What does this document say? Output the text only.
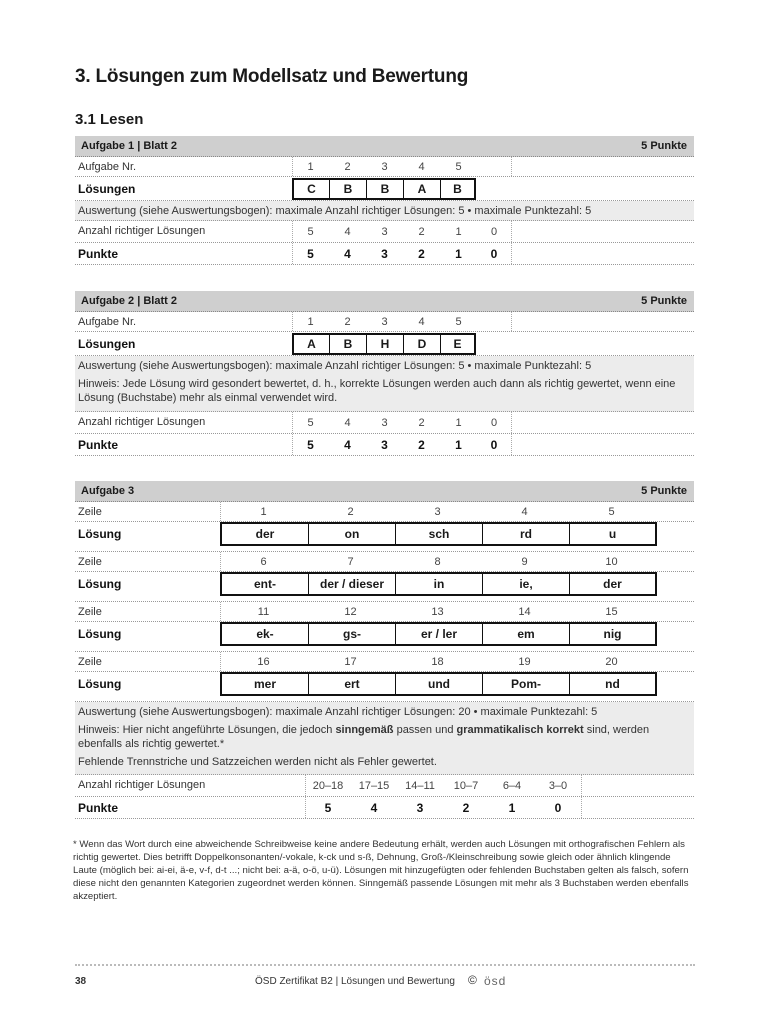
3. Lösungen zum Modellsatz und Bewertung
3.1 Lesen
Aufgabe 1 | Blatt 2	5 Punkte
Aufgabe Nr.	1	2	3	4	5
Lösungen	C	B	B	A	B
Auswertung (siehe Auswertungsbogen): maximale Anzahl richtiger Lösungen: 5 • maximale Punktezahl: 5
Anzahl richtiger Lösungen	5	4	3	2	1	0
Punkte	5	4	3	2	1	0
Aufgabe 2 | Blatt 2	5 Punkte
Aufgabe Nr.	1	2	3	4	5
Lösungen	A	B	H	D	E
Auswertung (siehe Auswertungsbogen): maximale Anzahl richtiger Lösungen: 5 • maximale Punktezahl: 5
Hinweis: Jede Lösung wird gesondert bewertet, d. h., korrekte Lösungen werden auch dann als richtig gewertet, wenn eine Lösung (Buchstabe) mehr als einmal verwendet wird.
Anzahl richtiger Lösungen	5	4	3	2	1	0
Punkte	5	4	3	2	1	0
Aufgabe 3	5 Punkte
Zeile	1	2	3	4	5
Lösung	der	on	sch	rd	u
Zeile	6	7	8	9	10
Lösung	ent-	der / dieser	in	ie,	der
Zeile	11	12	13	14	15
Lösung	ek-	gs-	er / ler	em	nig
Zeile	16	17	18	19	20
Lösung	mer	ert	und	Pom-	nd
Auswertung (siehe Auswertungsbogen): maximale Anzahl richtiger Lösungen: 20 • maximale Punktezahl: 5
Hinweis: Hier nicht angeführte Lösungen, die jedoch sinngemäß passen und grammatikalisch korrekt sind, werden ebenfalls als richtig gewertet.*
Fehlende Trennstriche und Satzzeichen werden nicht als Fehler gewertet.
Anzahl richtiger Lösungen	20–18	17–15	14–11	10–7	6–4	3–0
Punkte	5	4	3	2	1	0
* Wenn das Wort durch eine abweichende Schreibweise keine andere Bedeutung erhält, werden auch Lösungen mit orthografischen Fehlern als richtig gewertet. Dies betrifft Doppelkonsonanten/-vokale, k-ck und s-ß, Dehnung, Groß-/Kleinschreibung sowie gleich oder ähnlich klingende Laute (möglich bei: ai-ei, ä-e, v-f, d-t ...; nicht bei: a-ä, o-ö, u-ü). Lösungen mit hinzugefügten oder fehlenden Buchstaben gelten als falsch, sofern diese nicht den genannten Kategorien zugeordnet werden können. Sinngemäß passende Lösungen mit mehr als 3 Buchstaben werden ebenfalls akzeptiert.
38	ÖSD Zertifikat B2 | Lösungen und Bewertung © ösd
